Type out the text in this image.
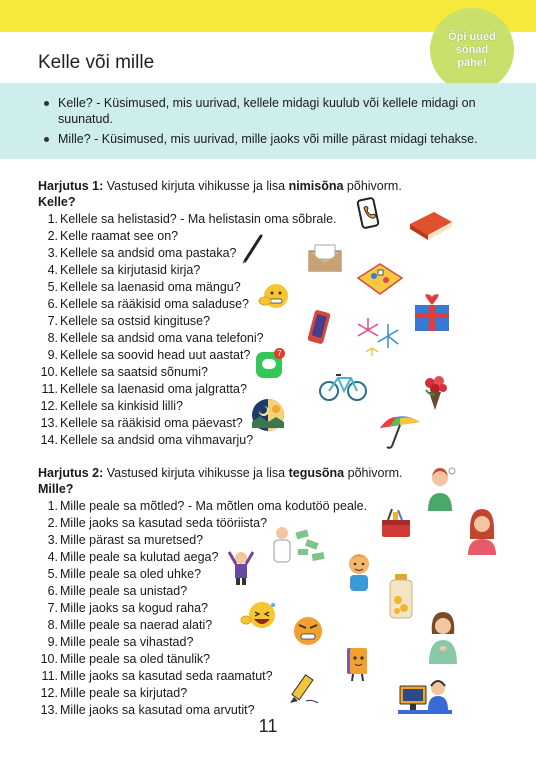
Kelle või mille
Õpi uued sõnad pähe!
Kelle? - Küsimused, mis uurivad, kellele midagi kuulub või kellele midagi on suunatud.
Mille? - Küsimused, mis uurivad, mille jaoks või mille pärast midagi tehakse.
Harjutus 1: Vastused kirjuta vihikusse ja lisa nimisõna põhivorm.
Kelle?
1. Kellele sa helistasid? - Ma helistasin oma sõbrale.
2. Kelle raamat see on?
3. Kellele sa andsid oma pastaka?
4. Kellele sa kirjutasid kirja?
5. Kellele sa laenasid oma mängu?
6. Kellele sa rääkisid oma saladuse?
7. Kellele sa ostsid kingituse?
8. Kellele sa andsid oma vana telefoni?
9. Kellele sa soovid head uut aastat?
10. Kellele sa saatsid sõnumi?
11. Kellele sa laenasid oma jalgratta?
12. Kellele sa kinkisid lilli?
13. Kellele sa rääkisid oma päevast?
14. Kellele sa andsid oma vihmavarju?
Harjutus 2: Vastused kirjuta vihikusse ja lisa tegusõna põhivorm.
Mille?
1. Mille peale sa mõtled? - Ma mõtlen oma kodutöö peale.
2. Mille jaoks sa kasutad seda tööriista?
3. Mille pärast sa muretsed?
4. Mille peale sa kulutad aega?
5. Mille peale sa oled uhke?
6. Mille peale sa unistad?
7. Mille jaoks sa kogud raha?
8. Mille peale sa naerad alati?
9. Mille peale sa vihastad?
10. Mille peale sa oled tänulik?
11. Mille jaoks sa kasutad seda raamatut?
12. Mille peale sa kirjutad?
13. Mille jaoks sa kasutad oma arvutit?
11
7
